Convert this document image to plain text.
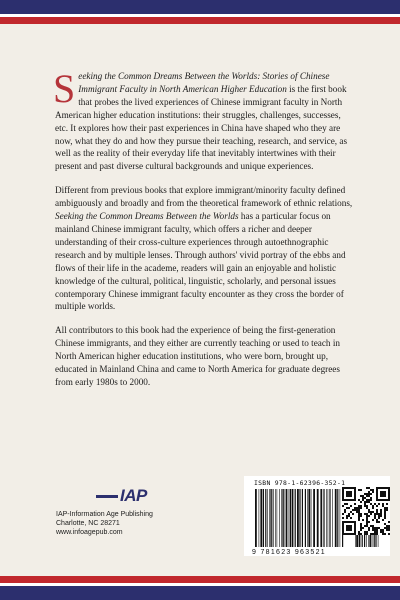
Seeking the Common Dreams Between the Worlds: Stories of Chinese Immigrant Faculty in North American Higher Education is the first book that probes the lived experiences of Chinese immigrant faculty in North American higher education institutions: their struggles, challenges, successes, etc. It explores how their past experiences in China have shaped who they are now, what they do and how they pursue their teaching, research, and service, as well as the reality of their everyday life that inevitably intertwines with their present and past diverse cultural backgrounds and unique experiences.

Different from previous books that explore immigrant/minority faculty defined ambiguously and broadly and from the theoretical framework of ethnic relations, Seeking the Common Dreams Between the Worlds has a particular focus on mainland Chinese immigrant faculty, which offers a richer and deeper understanding of their cross-culture experiences through autoethnographic research and by multiple lenses. Through authors' vivid portray of the ebbs and flows of their life in the academe, readers will gain an enjoyable and holistic knowledge of the cultural, political, linguistic, scholarly, and personal issues contemporary Chinese immigrant faculty encounter as they cross the border of multiple worlds.

All contributors to this book had the experience of being the first-generation Chinese immigrants, and they either are currently teaching or used to teach in North American higher education institutions, who were born, brought up, educated in Mainland China and came to North America for graduate degrees from early 1980s to 2000.

IAP
IAP-Information Age Publishing
Charlotte, NC 28271
www.infoagepub.com
ISBN 978-1-62396-352-1
9 781623 963521
